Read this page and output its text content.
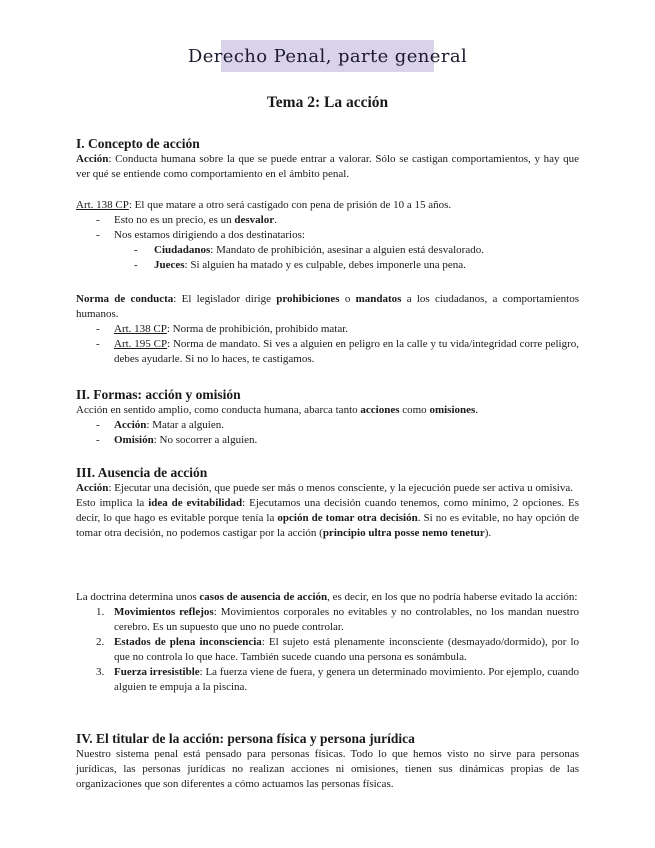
Derecho Penal, parte general
Tema 2: La acción

I. Concepto de acción

Acción: Conducta humana sobre la que se puede entrar a valorar. Sólo se castigan comportamientos, y hay que ver qué se entiende como comportamiento en el ámbito penal.

Art. 138 CP: El que matare a otro será castigado con pena de prisión de 10 a 15 años.

-	Esto no es un precio, es un desvalor.
-	Nos estamos dirigiendo a dos destinatarios:
-	Ciudadanos: Mandato de prohibición, asesinar a alguien está desvalorado.
-	Jueces: Si alguien ha matado y es culpable, debes imponerle una pena.

Norma de conducta: El legislador dirige prohibiciones o mandatos a los ciudadanos, a comportamientos humanos.

-	Art. 138 CP: Norma de prohibición, prohibido matar.
-	Art. 195 CP: Norma de mandato. Si ves a alguien en peligro en la calle y tu vida/integridad corre peligro, debes ayudarle. Si no lo haces, te castigamos.

II. Formas: acción y omisión

Acción en sentido amplio, como conducta humana, abarca tanto acciones como omisiones.

-	Acción: Matar a alguien.
-	Omisión: No socorrer a alguien.

III. Ausencia de acción

Acción: Ejecutar una decisión, que puede ser más o menos consciente, y la ejecución puede ser activa u omisiva.

Esto implica la idea de evitabilidad: Ejecutamos una decisión cuando tenemos, como mínimo, 2 opciones. Es decir, lo que hago es evitable porque tenía la opción de tomar otra decisión. Si no es evitable, no hay opción de tomar otra decisión, no podemos castigar por la acción (principio ultra posse nemo tenetur).

La doctrina determina unos casos de ausencia de acción, es decir, en los que no podría haberse evitado la acción:

1. Movimientos reflejos: Movimientos corporales no evitables y no controlables, no los mandan nuestro cerebro. Es un supuesto que uno no puede controlar.
2. Estados de plena inconsciencia: El sujeto está plenamente inconsciente (desmayado/dormido), por lo que no controla lo que hace. También sucede cuando una persona es sonámbula.
3. Fuerza irresistible: La fuerza viene de fuera, y genera un determinado movimiento. Por ejemplo, cuando alguien te empuja a la piscina.

IV. El titular de la acción: persona física y persona jurídica

Nuestro sistema penal está pensado para personas físicas. Todo lo que hemos visto no sirve para personas jurídicas, las personas jurídicas no realizan acciones ni omisiones, tienen sus dinámicas propias de las organizaciones que son diferentes a cómo actuamos las personas físicas.
